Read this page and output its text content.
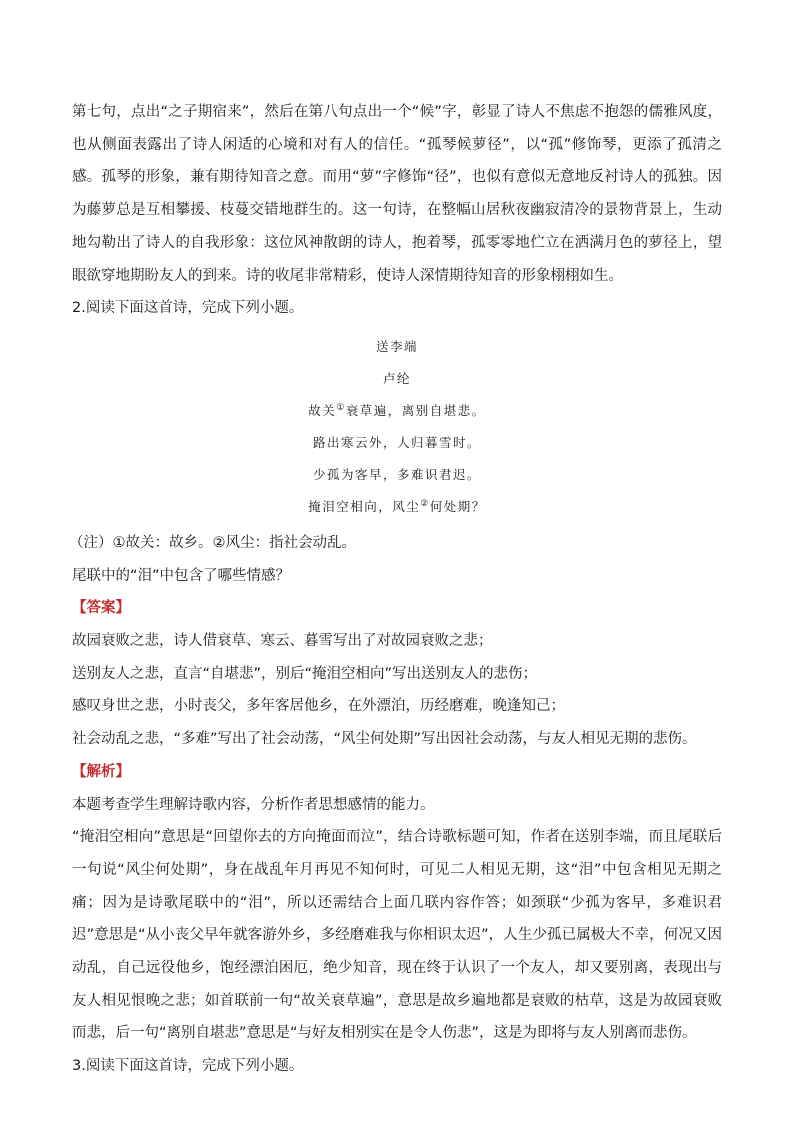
第七句，点出“之子期宿来”，然后在第八句点出一个“候”字，彰显了诗人不焦虑不抱怨的儒雅风度，也从侧面表露出了诗人闲适的心境和对有人的信任。“孤琴候萝径”，以“孤”修饰琴，更添了孤清之感。孤琴的形象，兼有期待知音之意。而用“萝”字修饰“径”，也似有意似无意地反衬诗人的孤独。因为藤萝总是互相攀援、枝蔓交错地群生的。这一句诗，在整幅山居秋夜幽寂清冷的景物背景上，生动地勾勒出了诗人的自我形象：这位风神散朗的诗人，抱着琴，孤零零地伫立在洒满月色的萝径上，望眼欲穿地期盼友人的到来。诗的收尾非常精彩，使诗人深情期待知音的形象栩栩如生。

2.阅读下面这首诗，完成下列小题。

送李端

卢纶

故关①衰草遍，离别自堪悲。

路出寒云外，人归暮雪时。

少孤为客早，多难识君迟。

掩泪空相向，风尘②何处期？

（注）①故关：故乡。②风尘：指社会动乱。

尾联中的“泪”中包含了哪些情感？

【答案】

故园衰败之悲，诗人借衰草、寒云、暮雪写出了对故园衰败之悲；

送别友人之悲，直言“自堪悲”，别后“掩泪空相向”写出送别友人的悲伤；

感叹身世之悲，小时丧父，多年客居他乡，在外漂泊，历经磨难，晚逢知己；

社会动乱之悲，“多难”写出了社会动荡，“风尘何处期”写出因社会动荡，与友人相见无期的悲伤。

【解析】

本题考查学生理解诗歌内容，分析作者思想感情的能力。

“掩泪空相向”意思是“回望你去的方向掩面而泣”，结合诗歌标题可知，作者在送别李端，而且尾联后一句说“风尘何处期”，身在战乱年月再见不知何时，可见二人相见无期，这“泪”中包含相见无期之痛；因为是诗歌尾联中的“泪”，所以还需结合上面几联内容作答；如颈联“少孤为客早，多难识君迟”意思是“从小丧父早年就客游外乡，多经磨难我与你相识太迟”，人生少孤已属极大不幸，何况又因动乱，自己远役他乡，饱经漂泊困厄，绝少知音，现在终于认识了一个友人，却又要别离，表现出与友人相见恨晚之悲；如首联前一句“故关衰草遍”，意思是故乡遍地都是衰败的枯草，这是为故园衰败而悲，后一句“离别自堪悲”意思是“与好友相别实在是令人伤悲”，这是为即将与友人别离而悲伤。

3.阅读下面这首诗，完成下列小题。
